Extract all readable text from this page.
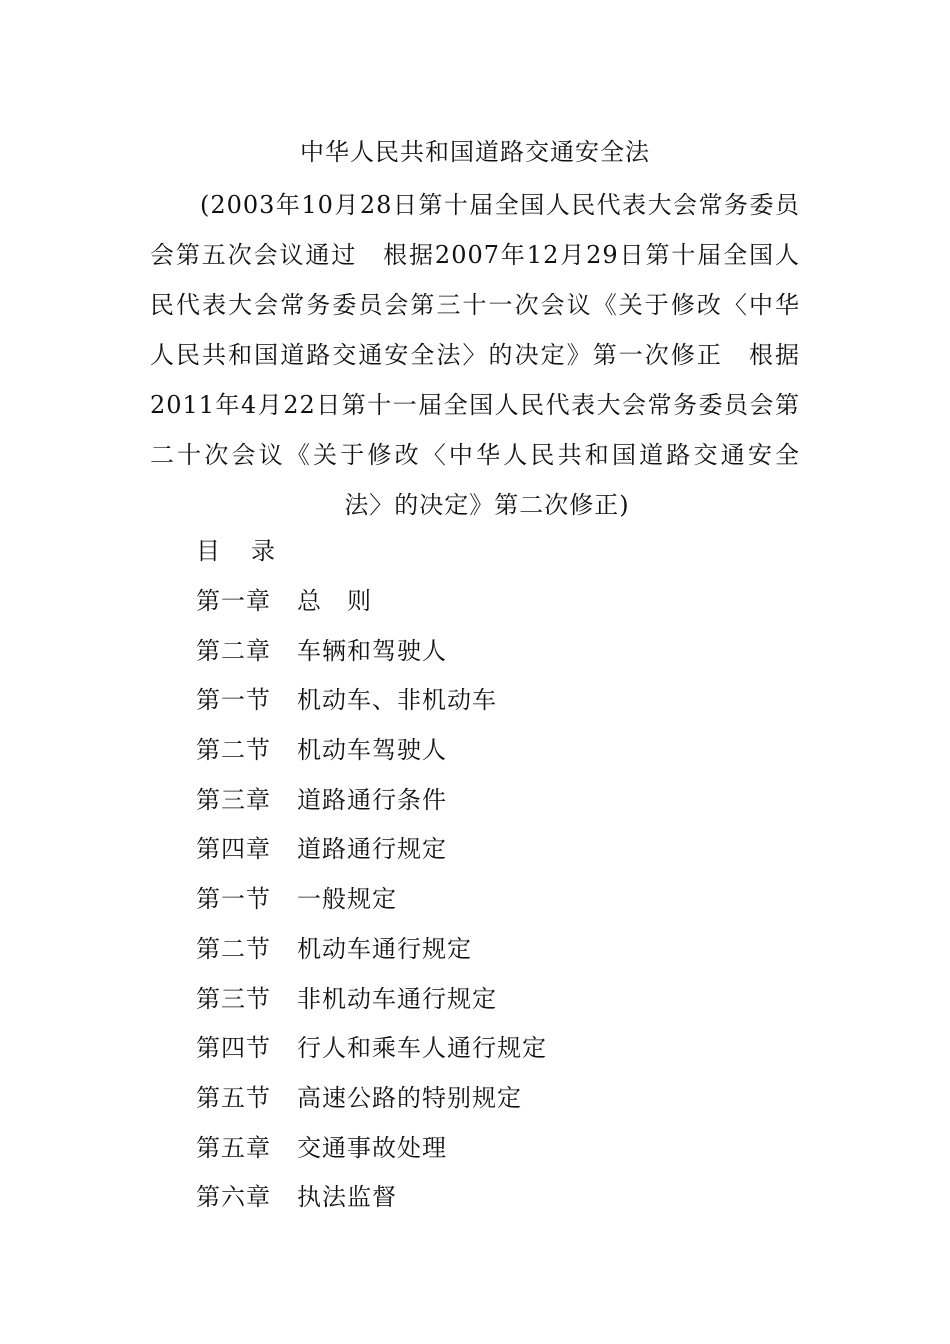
中华人民共和国道路交通安全法
(2003年10月28日第十届全国人民代表大会常务委员
会第五次会议通过　根据2007年12月29日第十届全国人
民代表大会常务委员会第三十一次会议《关于修改〈中华
人民共和国道路交通安全法〉的决定》第一次修正　根据
2011年4月22日第十一届全国人民代表大会常务委员会第
二十次会议《关于修改〈中华人民共和国道路交通安全
法〉的决定》第二次修正)
目 录
第一章 总　则
第二章 车辆和驾驶人
第一节 机动车、非机动车
第二节 机动车驾驶人
第三章 道路通行条件
第四章 道路通行规定
第一节 一般规定
第二节 机动车通行规定
第三节 非机动车通行规定
第四节 行人和乘车人通行规定
第五节 高速公路的特别规定
第五章 交通事故处理
第六章 执法监督
